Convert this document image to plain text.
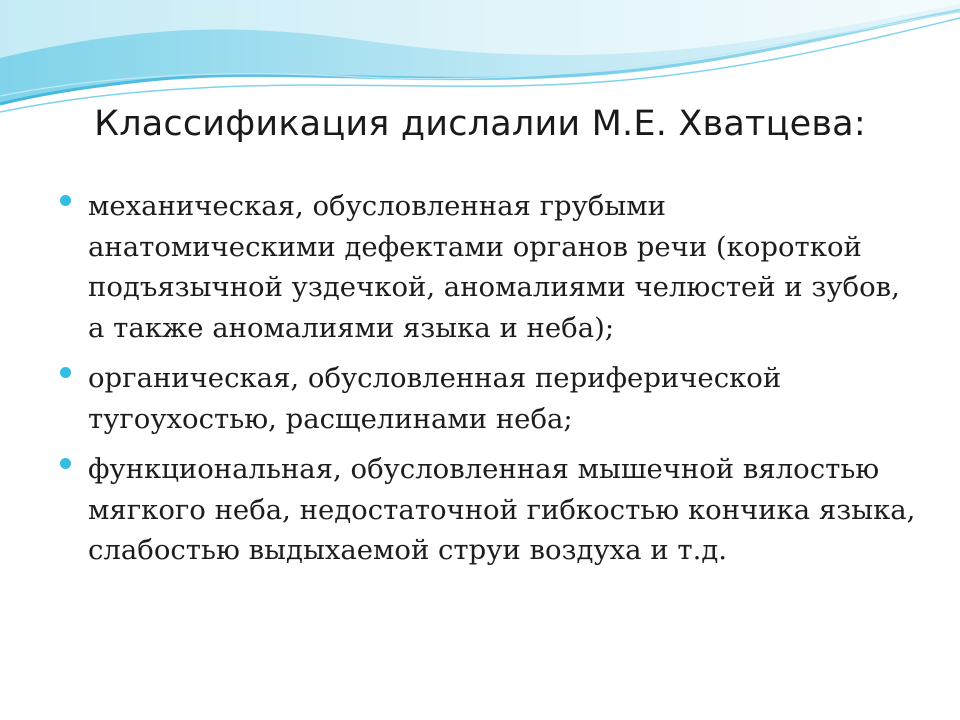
Классификация дислалии М.Е. Хватцева:
механическая, обусловленная грубыми анатомическими дефектами органов речи (короткой подъязычной уздечкой, аномалиями челюстей и зубов, а также аномалиями языка и неба);
органическая, обусловленная периферической тугоухостью, расщелинами неба;
функциональная, обусловленная мышечной вялостью мягкого неба, недостаточной гибкостью кончика языка, слабостью выдыхаемой струи воздуха и т.д.
